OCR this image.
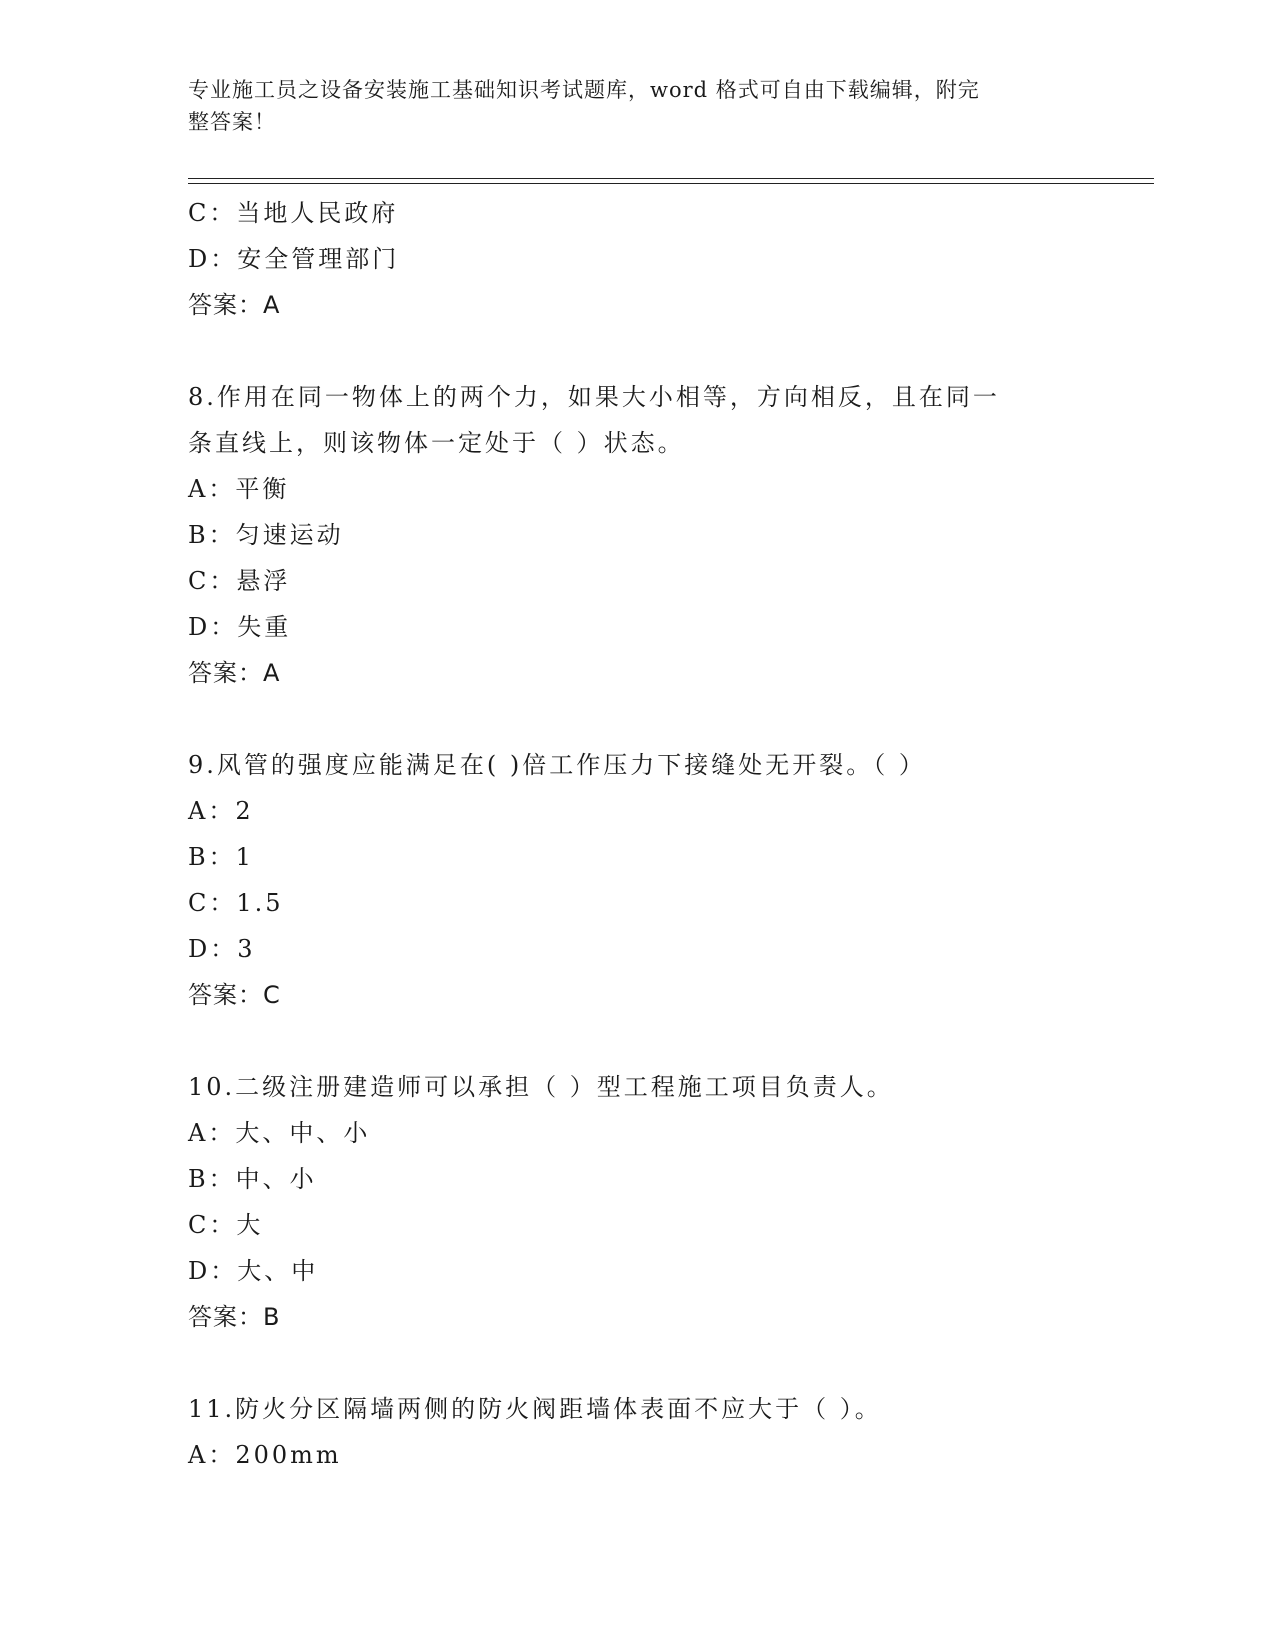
专业施工员之设备安装施工基础知识考试题库，word 格式可自由下载编辑，附完
整答案！
C：当地人民政府
D：安全管理部门
答案：A
8.作用在同一物体上的两个力，如果大小相等，方向相反，且在同一
条直线上，则该物体一定处于（ ）状态。
A：平衡
B：匀速运动
C：悬浮
D：失重
答案：A
9.风管的强度应能满足在( )倍工作压力下接缝处无开裂。（ ）
A：2
B：1
C：1.5
D：3
答案：C
10.二级注册建造师可以承担（ ）型工程施工项目负责人。
A：大、中、小
B：中、小
C：大
D：大、中
答案：B
11.防火分区隔墙两侧的防火阀距墙体表面不应大于（ ）。
A：200mm
